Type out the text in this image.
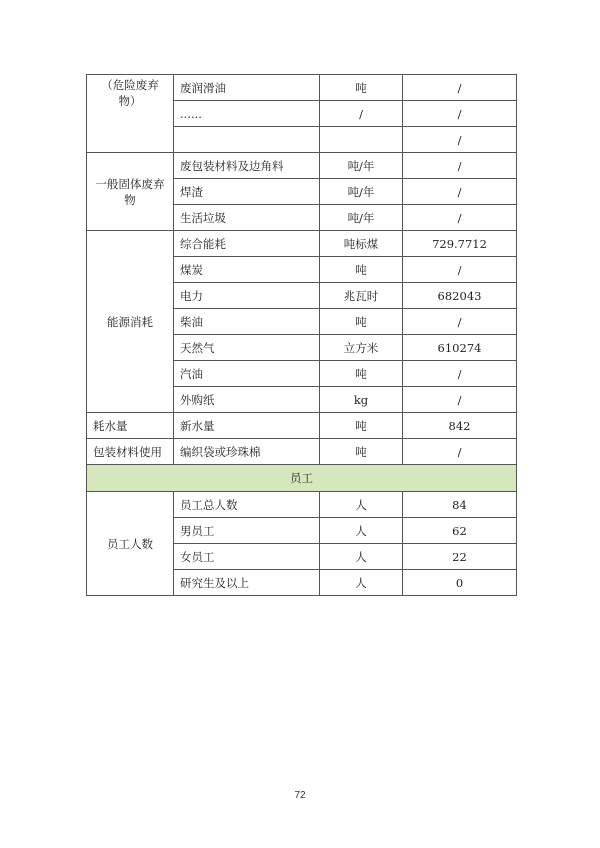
（危险废弃物）	废润滑油	吨	/
	......	/	/
			/
一般固体废弃物	废包装材料及边角料	吨/年	/
	焊渣	吨/年	/
	生活垃圾	吨/年	/
能源消耗	综合能耗	吨标煤	729.7712
	煤炭	吨	/
	电力	兆瓦时	682043
	柴油	吨	/
	天然气	立方米	610274
	汽油	吨	/
	外购纸	kg	/
耗水量	新水量	吨	842
包装材料使用	编织袋或珍珠棉	吨	/
员工			
员工人数	员工总人数	人	84
	男员工	人	62
	女员工	人	22
	研究生及以上	人	0
72
